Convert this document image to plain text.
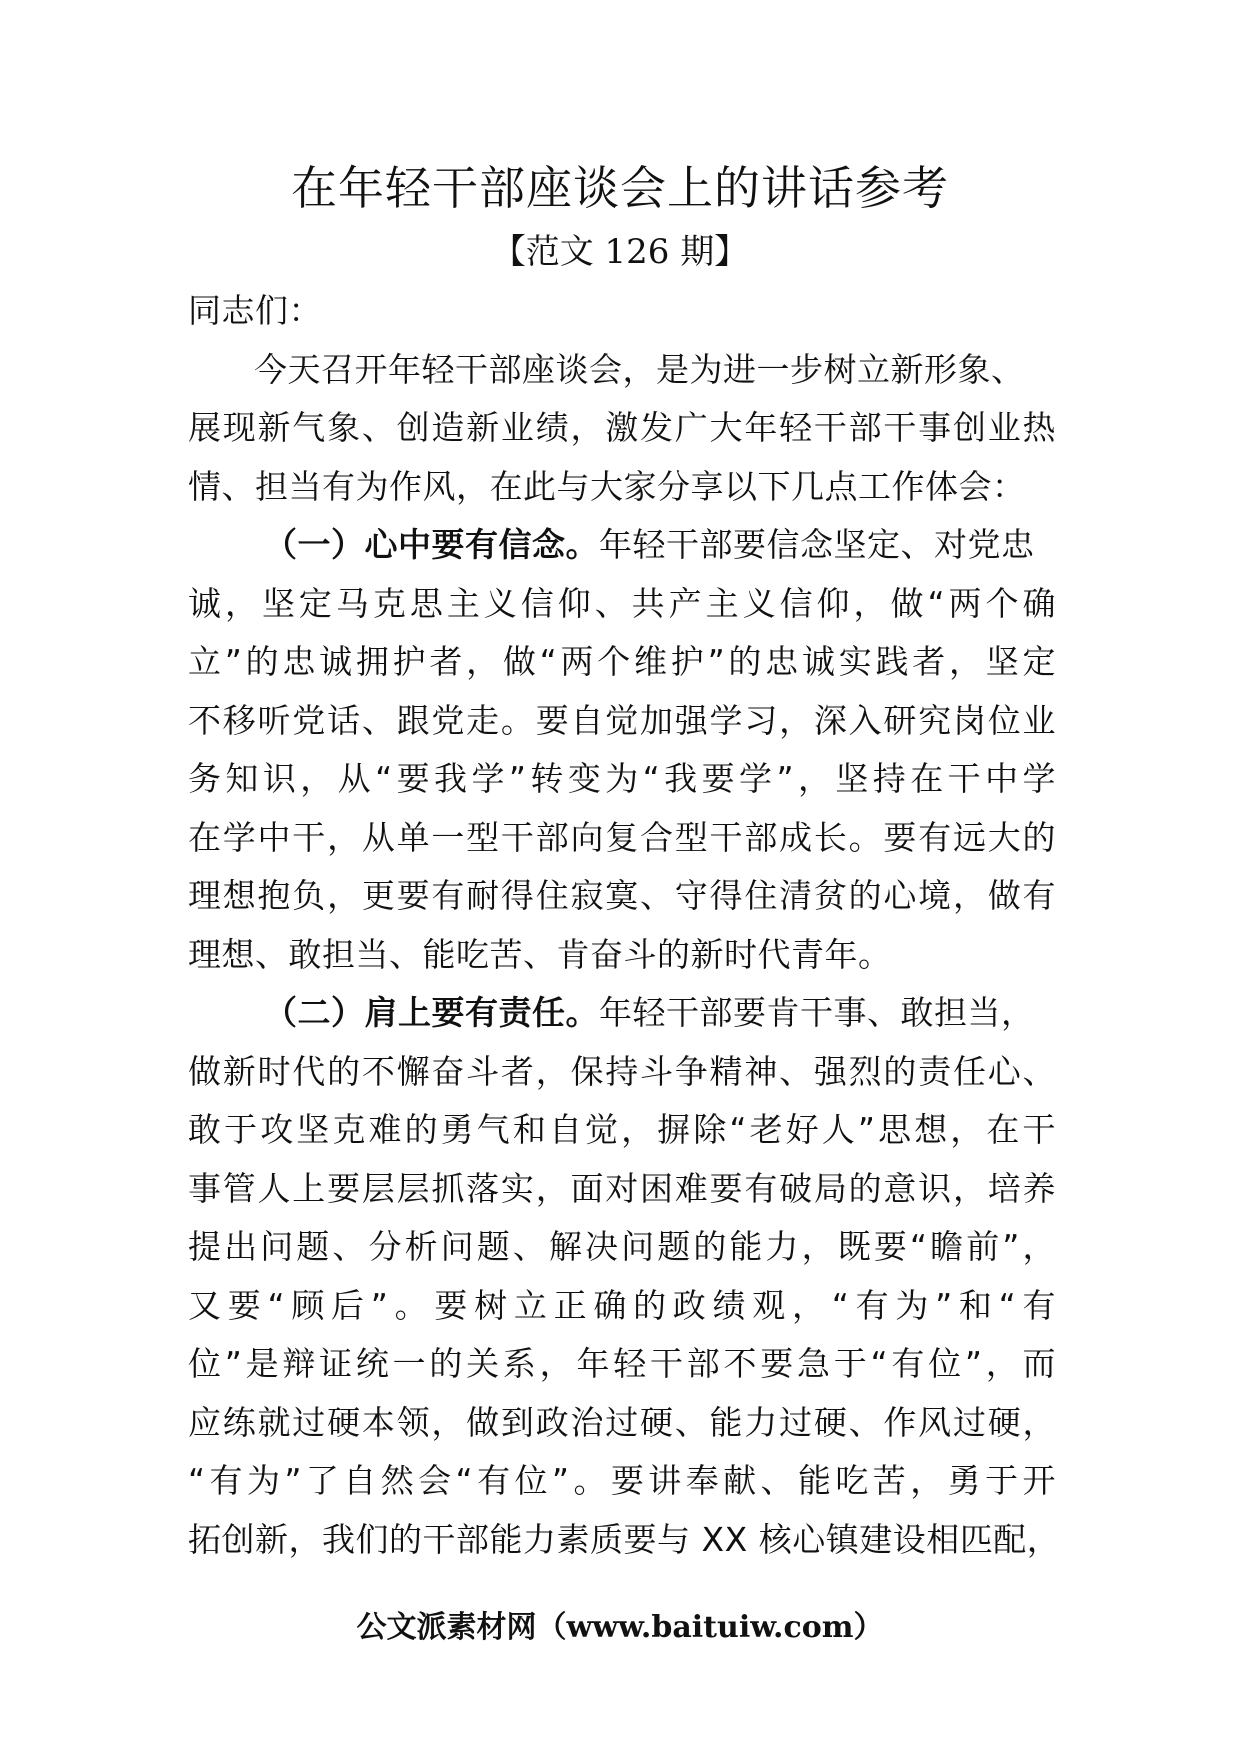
在年轻干部座谈会上的讲话参考
【范文 126 期】
同志们：
今天召开年轻干部座谈会，是为进一步树立新形象、
展现新气象、创造新业绩，激发广大年轻干部干事创业热
情、担当有为作风，在此与大家分享以下几点工作体会：
（一）心中要有信念。年轻干部要信念坚定、对党忠
诚，坚定马克思主义信仰、共产主义信仰，做“两个确
立”的忠诚拥护者，做“两个维护”的忠诚实践者，坚定
不移听党话、跟党走。要自觉加强学习，深入研究岗位业
务知识，从“要我学”转变为“我要学”，坚持在干中学
在学中干，从单一型干部向复合型干部成长。要有远大的
理想抱负，更要有耐得住寂寞、守得住清贫的心境，做有
理想、敢担当、能吃苦、肯奋斗的新时代青年。
（二）肩上要有责任。年轻干部要肯干事、敢担当，
做新时代的不懈奋斗者，保持斗争精神、强烈的责任心、
敢于攻坚克难的勇气和自觉，摒除“老好人”思想，在干
事管人上要层层抓落实，面对困难要有破局的意识，培养
提出问题、分析问题、解决问题的能力，既要“瞻前”，
又要“顾后”。要树立正确的政绩观，“有为”和“有
位”是辩证统一的关系，年轻干部不要急于“有位”，而
应练就过硬本领，做到政治过硬、能力过硬、作风过硬，
“有为”了自然会“有位”。要讲奉献、能吃苦，勇于开
拓创新，我们的干部能力素质要与 XX 核心镇建设相匹配，
公文派素材网（www.baituiw.com）
